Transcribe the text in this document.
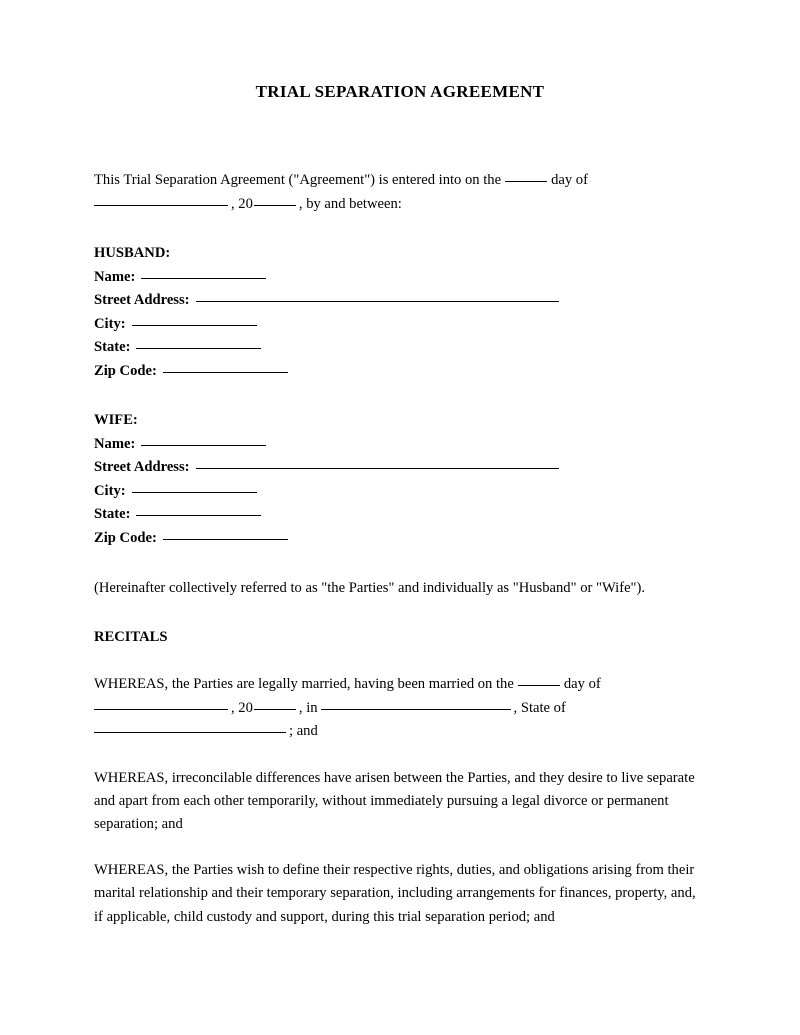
TRIAL SEPARATION AGREEMENT
This Trial Separation Agreement ("Agreement") is entered into on the	day of
, 20	, by and between:
HUSBAND:
Name:
Street Address:
City:
State:
Zip Code:
WIFE:
Name:
Street Address:
City:
State:
Zip Code:
(Hereinafter collectively referred to as "the Parties" and individually as "Husband" or "Wife").
RECITALS
WHEREAS, the Parties are legally married, having been married on the	day of
, 20	, in	, State of
; and
WHEREAS, irreconcilable differences have arisen between the Parties, and they desire to live separate and apart from each other temporarily, without immediately pursuing a legal divorce or permanent separation; and
WHEREAS, the Parties wish to define their respective rights, duties, and obligations arising from their marital relationship and their temporary separation, including arrangements for finances, property, and, if applicable, child custody and support, during this trial separation period; and
